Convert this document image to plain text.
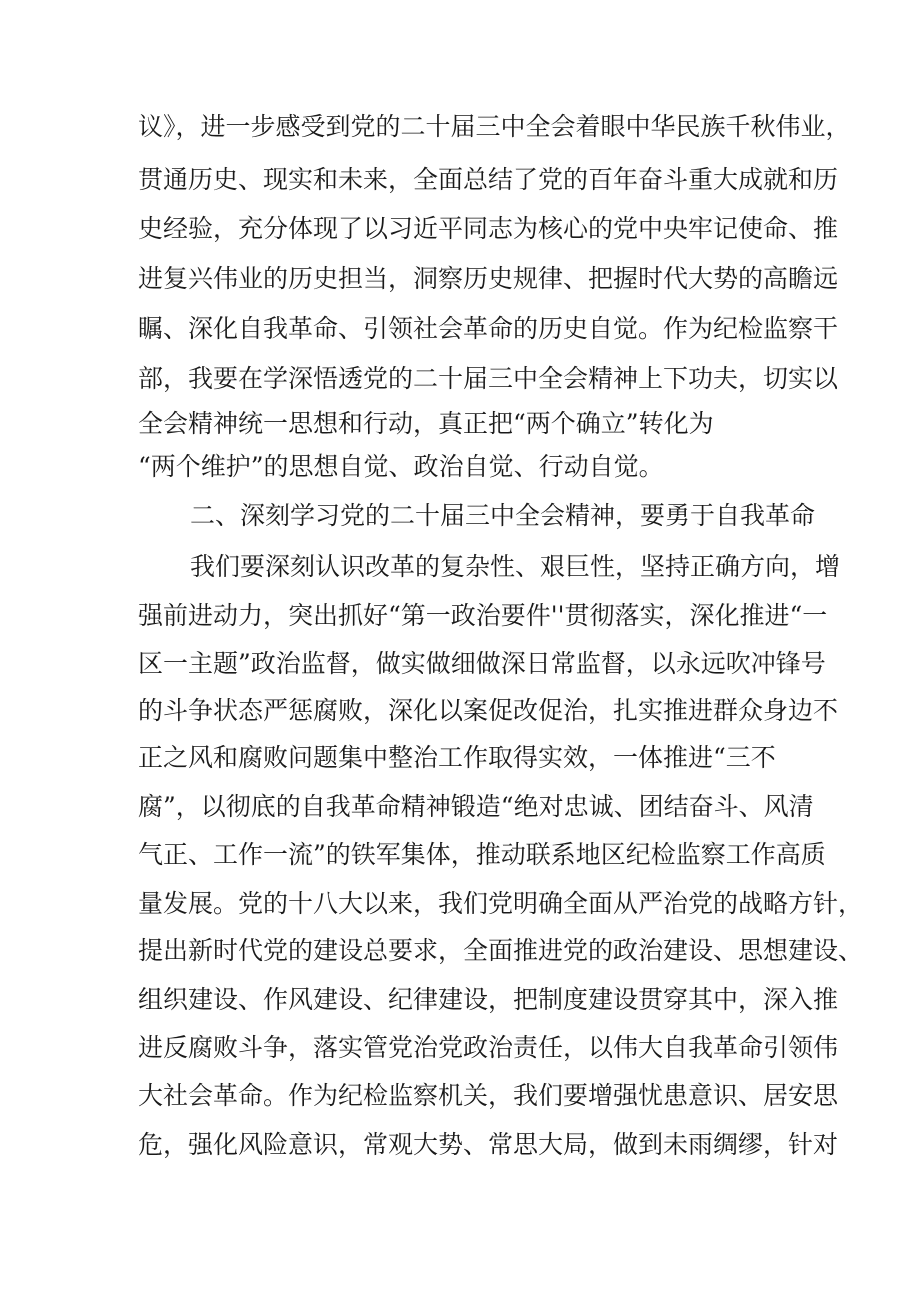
议》，进一步感受到党的二十届三中全会着眼中华民族千秋伟业，
贯通历史、现实和未来，全面总结了党的百年奋斗重大成就和历
史经验，充分体现了以习近平同志为核心的党中央牢记使命、推
进复兴伟业的历史担当，洞察历史规律、把握时代大势的高瞻远
瞩、深化自我革命、引领社会革命的历史自觉。作为纪检监察干
部，我要在学深悟透党的二十届三中全会精神上下功夫，切实以
全会精神统一思想和行动，真正把“两个确立”转化为
“两个维护”的思想自觉、政治自觉、行动自觉。
二、深刻学习党的二十届三中全会精神，要勇于自我革命
我们要深刻认识改革的复杂性、艰巨性，坚持正确方向，增
强前进动力，突出抓好“第一政治要件''贯彻落实，深化推进“一
区一主题”政治监督，做实做细做深日常监督，以永远吹冲锋号
的斗争状态严惩腐败，深化以案促改促治，扎实推进群众身边不
正之风和腐败问题集中整治工作取得实效，一体推进“三不
腐”，以彻底的自我革命精神锻造“绝对忠诚、团结奋斗、风清
气正、工作一流”的铁军集体，推动联系地区纪检监察工作高质
量发展。党的十八大以来，我们党明确全面从严治党的战略方针，
提出新时代党的建设总要求，全面推进党的政治建设、思想建设、
组织建设、作风建设、纪律建设，把制度建设贯穿其中，深入推
进反腐败斗争，落实管党治党政治责任，以伟大自我革命引领伟
大社会革命。作为纪检监察机关，我们要增强忧患意识、居安思
危，强化风险意识，常观大势、常思大局，做到未雨绸缪，针对
